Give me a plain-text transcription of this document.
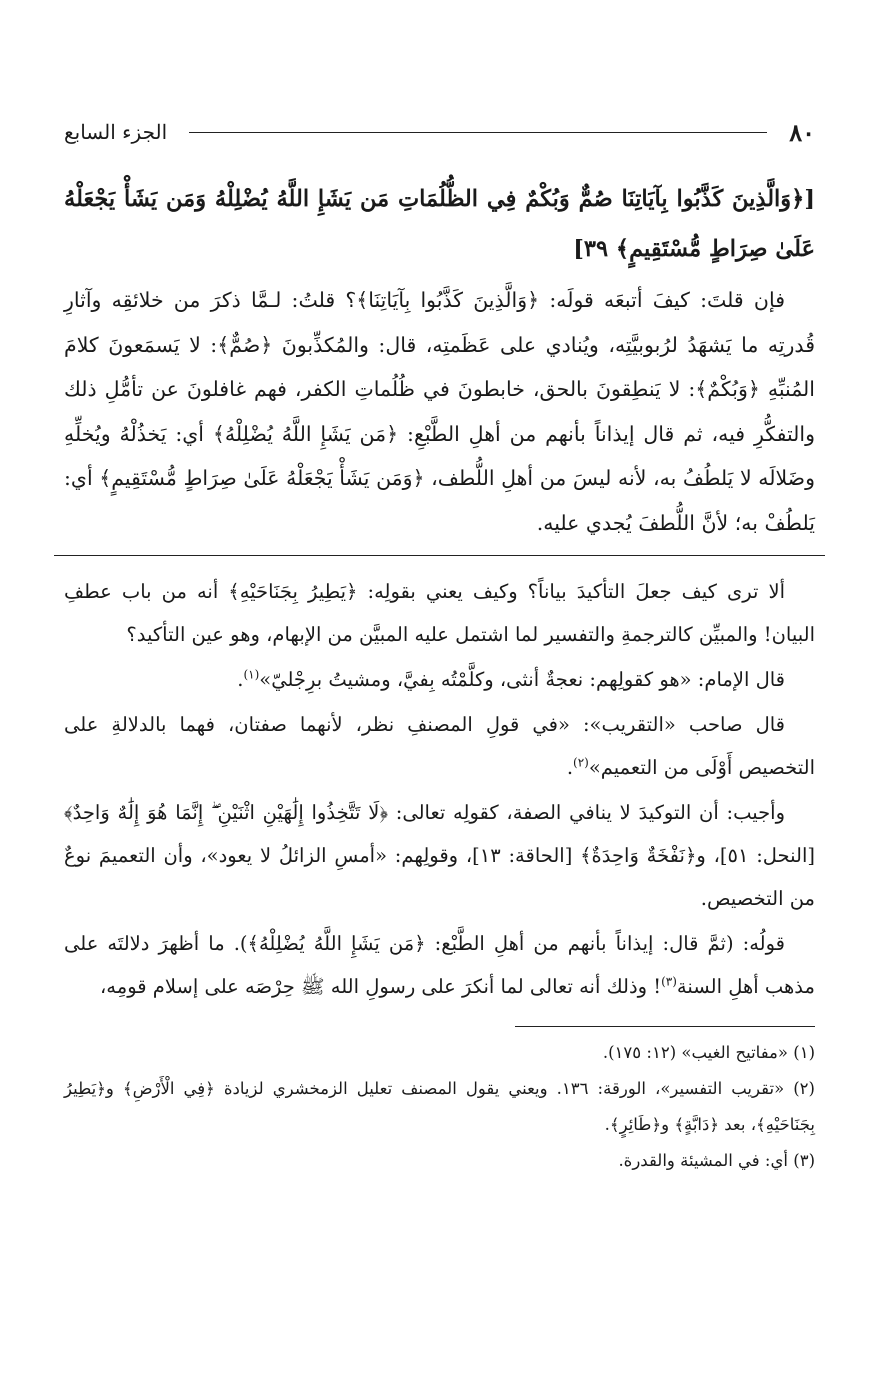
٨٠
الجزء السابع
[﴿وَالَّذِينَ كَذَّبُوا بِآيَاتِنَا صُمٌّ وَبُكْمٌ فِي الظُّلُمَاتِ مَن يَشَإِ اللَّهُ يُضْلِلْهُ وَمَن يَشَأْ يَجْعَلْهُ عَلَىٰ صِرَاطٍ مُّسْتَقِيمٍ﴾ ٣٩]

فإن قلتَ: كيفَ أتبعَه قولَه: ﴿وَالَّذِينَ كَذَّبُوا بِآيَاتِنَا﴾؟ قلتُ: لـمَّا ذكرَ من خلائقِه وآثارِ قُدرتِه ما يَشهَدُ لرُبوبيَّتِه، ويُنادي على عَظَمتِه، قال: والمُكذِّبونَ ﴿صُمٌّ﴾: لا يَسمَعونَ كلامَ المُنبِّهِ ﴿وَبُكْمٌ﴾: لا يَنطِقونَ بالحق، خابطونَ في ظُلُماتِ الكفر، فهم غافلونَ عن تأمُّلِ ذلك والتفكُّرِ فيه، ثم قال إيذاناً بأنهم من أهلِ الطَّبْعِ: ﴿مَن يَشَإِ اللَّهُ يُضْلِلْهُ﴾ أي: يَخذُلْهُ ويُخلِّهِ وضَلالَه لا يَلطُفُ به، لأنه ليسَ من أهلِ اللُّطف، ﴿وَمَن يَشَأْ يَجْعَلْهُ عَلَىٰ صِرَاطٍ مُّسْتَقِيمٍ﴾ أي: يَلطُفْ به؛ لأنَّ اللُّطفَ يُجدي عليه.

ألا ترى كيف جعلَ التأكيدَ بياناً؟ وكيف يعني بقولِه: ﴿يَطِيرُ بِجَنَاحَيْهِ﴾ أنه من باب عطفِ البيان! والمبيِّن كالترجمةِ والتفسير لما اشتمل عليه المبيَّن من الإبهام، وهو عين التأكيد؟

قال الإمام: «هو كقولِهم: نعجةٌ أنثى، وكلَّمْتُه بِفيَّ، ومشيتُ برِجْليّ»$^{(١)}$.

قال صاحب «التقريب»: «في قولِ المصنفِ نظر، لأنهما صفتان، فهما بالدلالةِ على التخصيص أَوْلَى من التعميم»$^{(٢)}$.

وأجيب: أن التوكيدَ لا ينافي الصفة، كقولِه تعالى: ﴿لَا تَتَّخِذُوا إِلَٰهَيْنِ اثْنَيْنِ ۖ إِنَّمَا هُوَ إِلَٰهٌ وَاحِدٌ﴾ [النحل: ٥١]، و﴿نَفْخَةٌ وَاحِدَةٌ﴾ [الحاقة: ١٣]، وقولِهم: «أمسِ الزائلُ لا يعود»، وأن التعميمَ نوعٌ من التخصيص.

قولُه: (ثمَّ قال: إيذاناً بأنهم من أهلِ الطَّبْع: ﴿مَن يَشَإِ اللَّهُ يُضْلِلْهُ﴾). ما أظهرَ دلالتَه على مذهب أهلِ السنة$^{(٣)}$! وذلك أنه تعالى لما أنكرَ على رسولِ الله ﷺ حِرْصَه على إسلام قومِه،

(١) «مفاتيح الغيب» (١٢: ١٧٥).

(٢) «تقريب التفسير»، الورقة: ١٣٦. ويعني يقول المصنف تعليل الزمخشري لزيادة ﴿فِي الْأَرْضِ﴾ و﴿يَطِيرُ بِجَنَاحَيْهِ﴾، بعد ﴿دَابَّةٍ﴾ و﴿طَائِرٍ﴾.

(٣) أي: في المشيئة والقدرة.
